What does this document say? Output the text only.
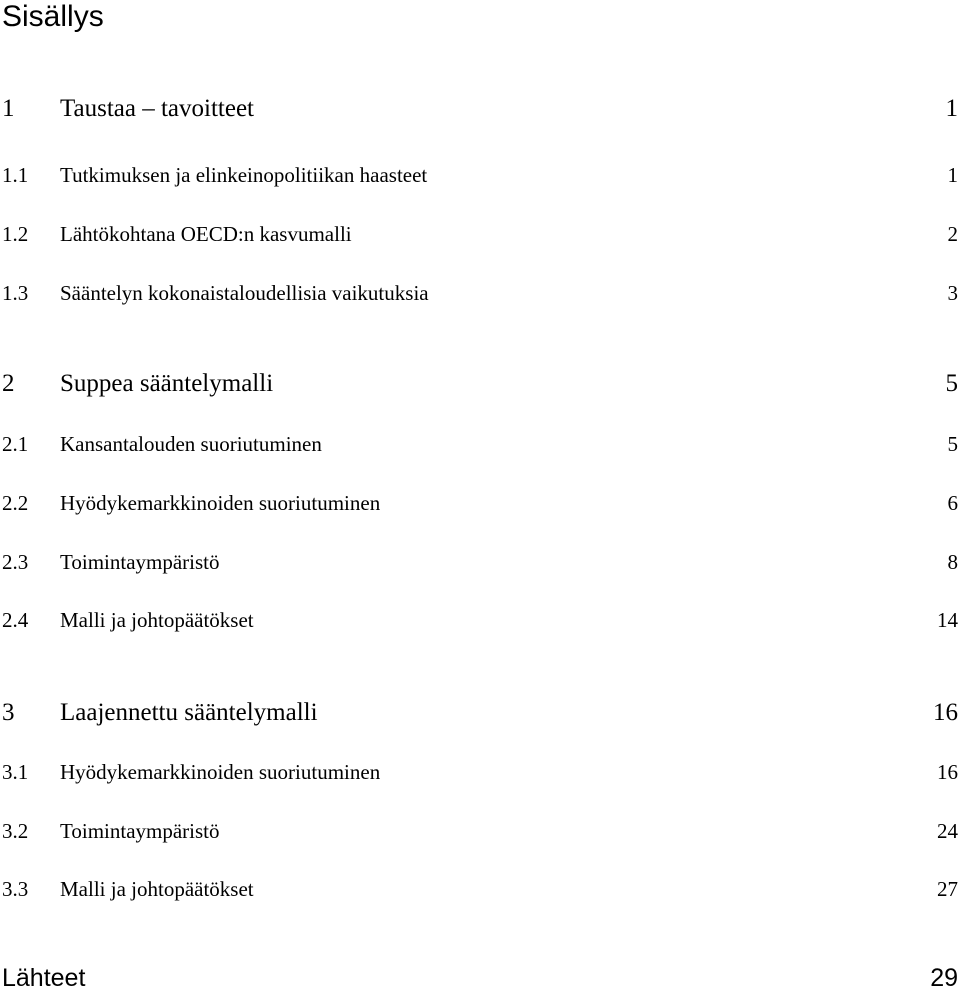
Sisällys
1 Taustaa – tavoitteet	1
1.1 Tutkimuksen ja elinkeinopolitiikan haasteet	1
1.2 Lähtökohtana OECD:n kasvumalli	2
1.3 Sääntelyn kokonaistaloudellisia vaikutuksia	3
2 Suppea sääntelymalli	5
2.1 Kansantalouden suoriutuminen	5
2.2 Hyödykemarkkinoiden suoriutuminen	6
2.3 Toimintaympäristö	8
2.4 Malli ja johtopäätökset	14
3 Laajennettu sääntelymalli	16
3.1 Hyödykemarkkinoiden suoriutuminen	16
3.2 Toimintaympäristö	24
3.3 Malli ja johtopäätökset	27
Lähteet	29
